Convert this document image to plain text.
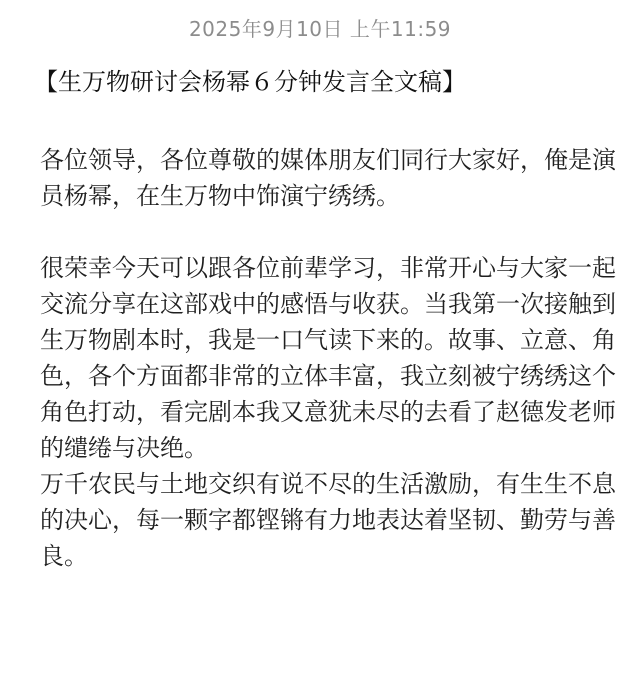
2025年9月10日 上午11:59
【生万物研讨会杨幂６分钟发言全文稿】

各位领导，各位尊敬的媒体朋友们同行大家好，俺是演员杨幂，在生万物中饰演宁绣绣。

很荣幸今天可以跟各位前辈学习，非常开心与大家一起交流分享在这部戏中的感悟与收获。当我第一次接触到生万物剧本时，我是一口气读下来的。故事、立意、角色，各个方面都非常的立体丰富，我立刻被宁绣绣这个角色打动，看完剧本我又意犹未尽的去看了赵德发老师的缱绻与决绝。

万千农民与土地交织有说不尽的生活激励，有生生不息的决心，每一颗字都铿锵有力地表达着坚韧、勤劳与善良。
